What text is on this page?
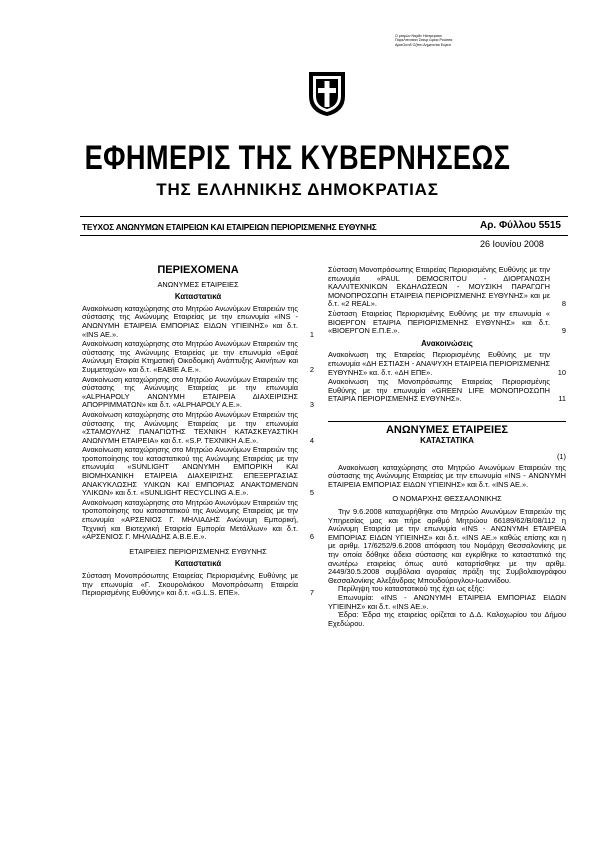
Ο ρισμών Ναρθν Ηιστμεραιαι ΠαρεΛπνιιτεκτ Σταυρ ιλρεια Ρουσσα ΑριαΟυνιδ Οζπιτι Δημενειται Ευρεα
ΕΦΗΜΕΡΙΣ ΤΗΣ ΚΥΒΕΡΝΗΣΕΩΣ
ΤΗΣ ΕΛΛΗΝΙΚΗΣ ΔΗΜΟΚΡΑΤΙΑΣ
ΤΕΥΧΟΣ ΑΝΩΝΥΜΩΝ ΕΤΑΙΡΕΙΩΝ ΚΑΙ ΕΤΑΙΡΕΙΩΝ ΠΕΡΙΟΡΙΣΜΕΝΗΣ ΕΥΘΥΝΗΣ	Αρ. Φύλλου 5515
26 Ιουνίου 2008
ΠΕΡΙΕΧΟΜΕΝΑ
ΑΝΩΝΥΜΕΣ ΕΤΑΙΡΕΙΕΣ
Καταστατικά
Ανακοίνωση καταχώρησης στο Μητρώο Ανωνύμων Εταιρειών της σύστασης της Ανώνυμης Εταιρείας με την επωνυμία «INS - ΑΝΩΝΥΜΗ ΕΤΑΙΡΕΙΑ ΕΜΠΟΡΙΑΣ ΕΙΔΩΝ ΥΓΙΕΙΝΗΣ» και δ.τ. «INS AE.».	1
Ανακοίνωση καταχώρησης στο Μητρώο Ανωνύμων Εταιρειών της σύστασης της Ανώνυμης Εταιρείας με την επωνυμία «Εφαέ Ανώνυμη Εταιρία Κτηματική Οικοδομική Ανάπτυξης Ακινήτων και Συμμετοχών» και δ.τ. «ΕΑΒΙΕ Α.Ε.».	2
Ανακοίνωση καταχώρησης στο Μητρώο Ανωνύμων Εταιρειών της σύστασης της Ανώνυμης Εταιρείας με την επωνυμία «ALPHAPOLY ΑΝΩΝΥΜΗ ΕΤΑΙΡΕΙΑ ΔΙΑΧΕΙΡΙΣΗΣ ΑΠΟΡΡΙΜΜΑΤΩΝ» και δ.τ. «ALPHAPOLY A.E.».	3
Ανακοίνωση καταχώρησης στο Μητρώο Ανωνύμων Εταιρειών της σύστασης της Ανώνυμης Εταιρείας με την επωνυμία «ΣΤΑΜΟΥΛΗΣ ΠΑΝΑΓΙΩΤΗΣ ΤΕΧΝΙΚΗ ΚΑΤΑΣΚΕΥΑΣΤΙΚΗ ΑΝΩΝΥΜΗ ΕΤΑΙΡΕΙΑ» και δ.τ. «S.P. ΤΕΧΝΙΚΗ Α.Ε.».	4
Ανακοίνωση καταχώρησης στο Μητρώο Ανωνύμων Εταιρειών της τροποποίησης του καταστατικού της Ανώνυμης Εταιρείας με την επωνυμία «SUNLIGHT ΑΝΩΝΥΜΗ ΕΜΠΟΡΙΚΗ ΚΑΙ ΒΙΟΜΗΧΑΝΙΚΗ ΕΤΑΙΡΕΙΑ ΔΙΑΧΕΙΡΙΣΗΣ ΕΠΕΞΕΡΓΑΣΙΑΣ ΑΝΑΚΥΚΛΩΣΗΣ ΥΛΙΚΩΝ ΚΑΙ ΕΜΠΟΡΙΑΣ ΑΝΑΚΤΩΜΕΝΩΝ ΥΛΙΚΩΝ» και δ.τ. «SUNLIGHT RECYCLING A.E.».	5
Ανακοίνωση καταχώρησης στο Μητρώο Ανωνύμων Εταιρειών της τροποποίησης του καταστατικού της Ανώνυμης Εταιρείας με την επωνυμία «ΑΡΣΕΝΙΟΣ Γ. ΜΗΛΙΑΔΗΣ Ανώνυμη Εμπορική, Τεχνική και Βιοτεχνική Εταιρεία Εμπορία Μετάλλων» και δ.τ. «ΑΡΣΕΝΙΟΣ Γ. ΜΗΛΙΑΔΗΣ Α.Β.Ε.Ε.».	6
ΕΤΑΙΡΕΙΕΣ ΠΕΡΙΟΡΙΣΜΕΝΗΣ ΕΥΘΥΝΗΣ
Καταστατικά
Σύσταση Μονοπρόσωπης Εταιρείας Περιορισμένης Ευθύνης με την επωνυμία «Γ. Σκουρολιάκου Μονοπρόσωπη Εταιρεία Περιορισμένης Ευθύνης» και δ.τ. «G.L.S. ΕΠΕ».	7
Σύσταση Μονοπρόσωπης Εταιρείας Περιορισμένης Ευθύνης με την επωνυμία «PAUL DEMOCRITOU - ΔΙΟΡΓΑΝΩΣΗ ΚΑΛΛΙΤΕΧΝΙΚΩΝ ΕΚΔΗΛΩΣΕΩΝ - ΜΟΥΣΙΚΗ ΠΑΡΑΓΩΓΗ ΜΟΝΟΠΡΟΣΩΠΗ ΕΤΑΙΡΕΙΑ ΠΕΡΙΟΡΙΣΜΕΝΗΣ ΕΥΘΥΝΗΣ» και με δ.τ. «2 REAL».	8
Σύσταση Εταιρείας Περιορισμένης Ευθύνης με την επωνυμία « ΒΙΟΕΡΓΟΝ ΕΤΑΙΡΙΑ ΠΕΡΙΟΡΙΣΜΕΝΗΣ ΕΥΘΥΝΗΣ» και δ.τ. «ΒΙΟΕΡΓΟΝ Ε.Π.Ε.».	9
Ανακοινώσεις
Ανακοίνωση της Εταιρείας Περιορισμένης Ευθύνης με την επωνυμία «ΔΗ ΕΣΤΙΑΣΗ - ΑΝΑΨΥΧΗ ΕΤΑΙΡΕΙΑ ΠΕΡΙΟΡΙΣΜΕΝΗΣ ΕΥΘΥΝΗΣ» κα. δ.τ. «ΔΗ ΕΠΕ».	10
Ανακοίνωση της Μονοπρόσωπης Εταιρείας Περιορισμένης Ευθύνης με την επωνυμία «GREEN LIFE ΜΟΝΟΠΡΟΣΩΠΗ ΕΤΑΙΡΙΑ ΠΕΡΙΟΡΙΣΜΕΝΗΣ ΕΥΘΥΝΗΣ».	11
ΑΝΩΝΥΜΕΣ ΕΤΑΙΡΕΙΕΣ
ΚΑΤΑΣΤΑΤΙΚΑ
(1)

Ανακοίνωση καταχώρησης στο Μητρώο Ανωνύμων Εταιρειών της σύστασης της Ανώνυμης Εταιρείας με την επωνυμία «INS - ΑΝΩΝΥΜΗ ΕΤΑΙΡΕΙΑ ΕΜΠΟΡΙΑΣ ΕΙΔΩΝ ΥΓΙΕΙΝΗΣ» και δ.τ. «INS AE.».

Ο ΝΟΜΑΡΧΗΣ ΘΕΣΣΑΛΟΝΙΚΗΣ

Την 9.6.2008 καταχωρήθηκε στο Μητρώο Ανωνύμων Εταιρειών της Υπηρεσίας μας και πήρε αριθμό Μητρώου 66189/62/Β/08/112 η Ανώνυμη Εταιρεία με την επωνυμία «INS - ΑΝΩΝΥΜΗ ΕΤΑΙΡΕΙΑ ΕΜΠΟΡΙΑΣ ΕΙΔΩΝ ΥΓΙΕΙΝΗΣ» και δ.τ. «INS AE.» καθώς επίσης και η με αριθμ. 17/6252/9.6.2008 απόφαση του Νομάρχη Θεσσαλονίκης με την οποία δόθηκε άδεια σύστασης και εγκρίθηκε το καταστατικό της ανωτέρω εταιρείας όπως αυτό καταρτίσθηκε με την αριθμ. 2449/30.5.2008 συμβόλαια αγοραίας πράξη της Συμβολαιογράφου Θεσσαλονίκης Αλεξάνδρας Μπουδούρογλου-Ιωαννίδου.

Περίληψη του καταστατικού της έχει ως εξής:

Επωνυμία: «INS - ΑΝΩΝΥΜΗ ΕΤΑΙΡΕΙΑ ΕΜΠΟΡΙΑΣ ΕΙΔΩΝ ΥΓΙΕΙΝΗΣ» και δ.τ. «INS AE.».

Έδρα: Έδρα της εταιρείας ορίζεται το Δ.Δ. Καλοχωρίου του Δήμου Εχεδώρου.
